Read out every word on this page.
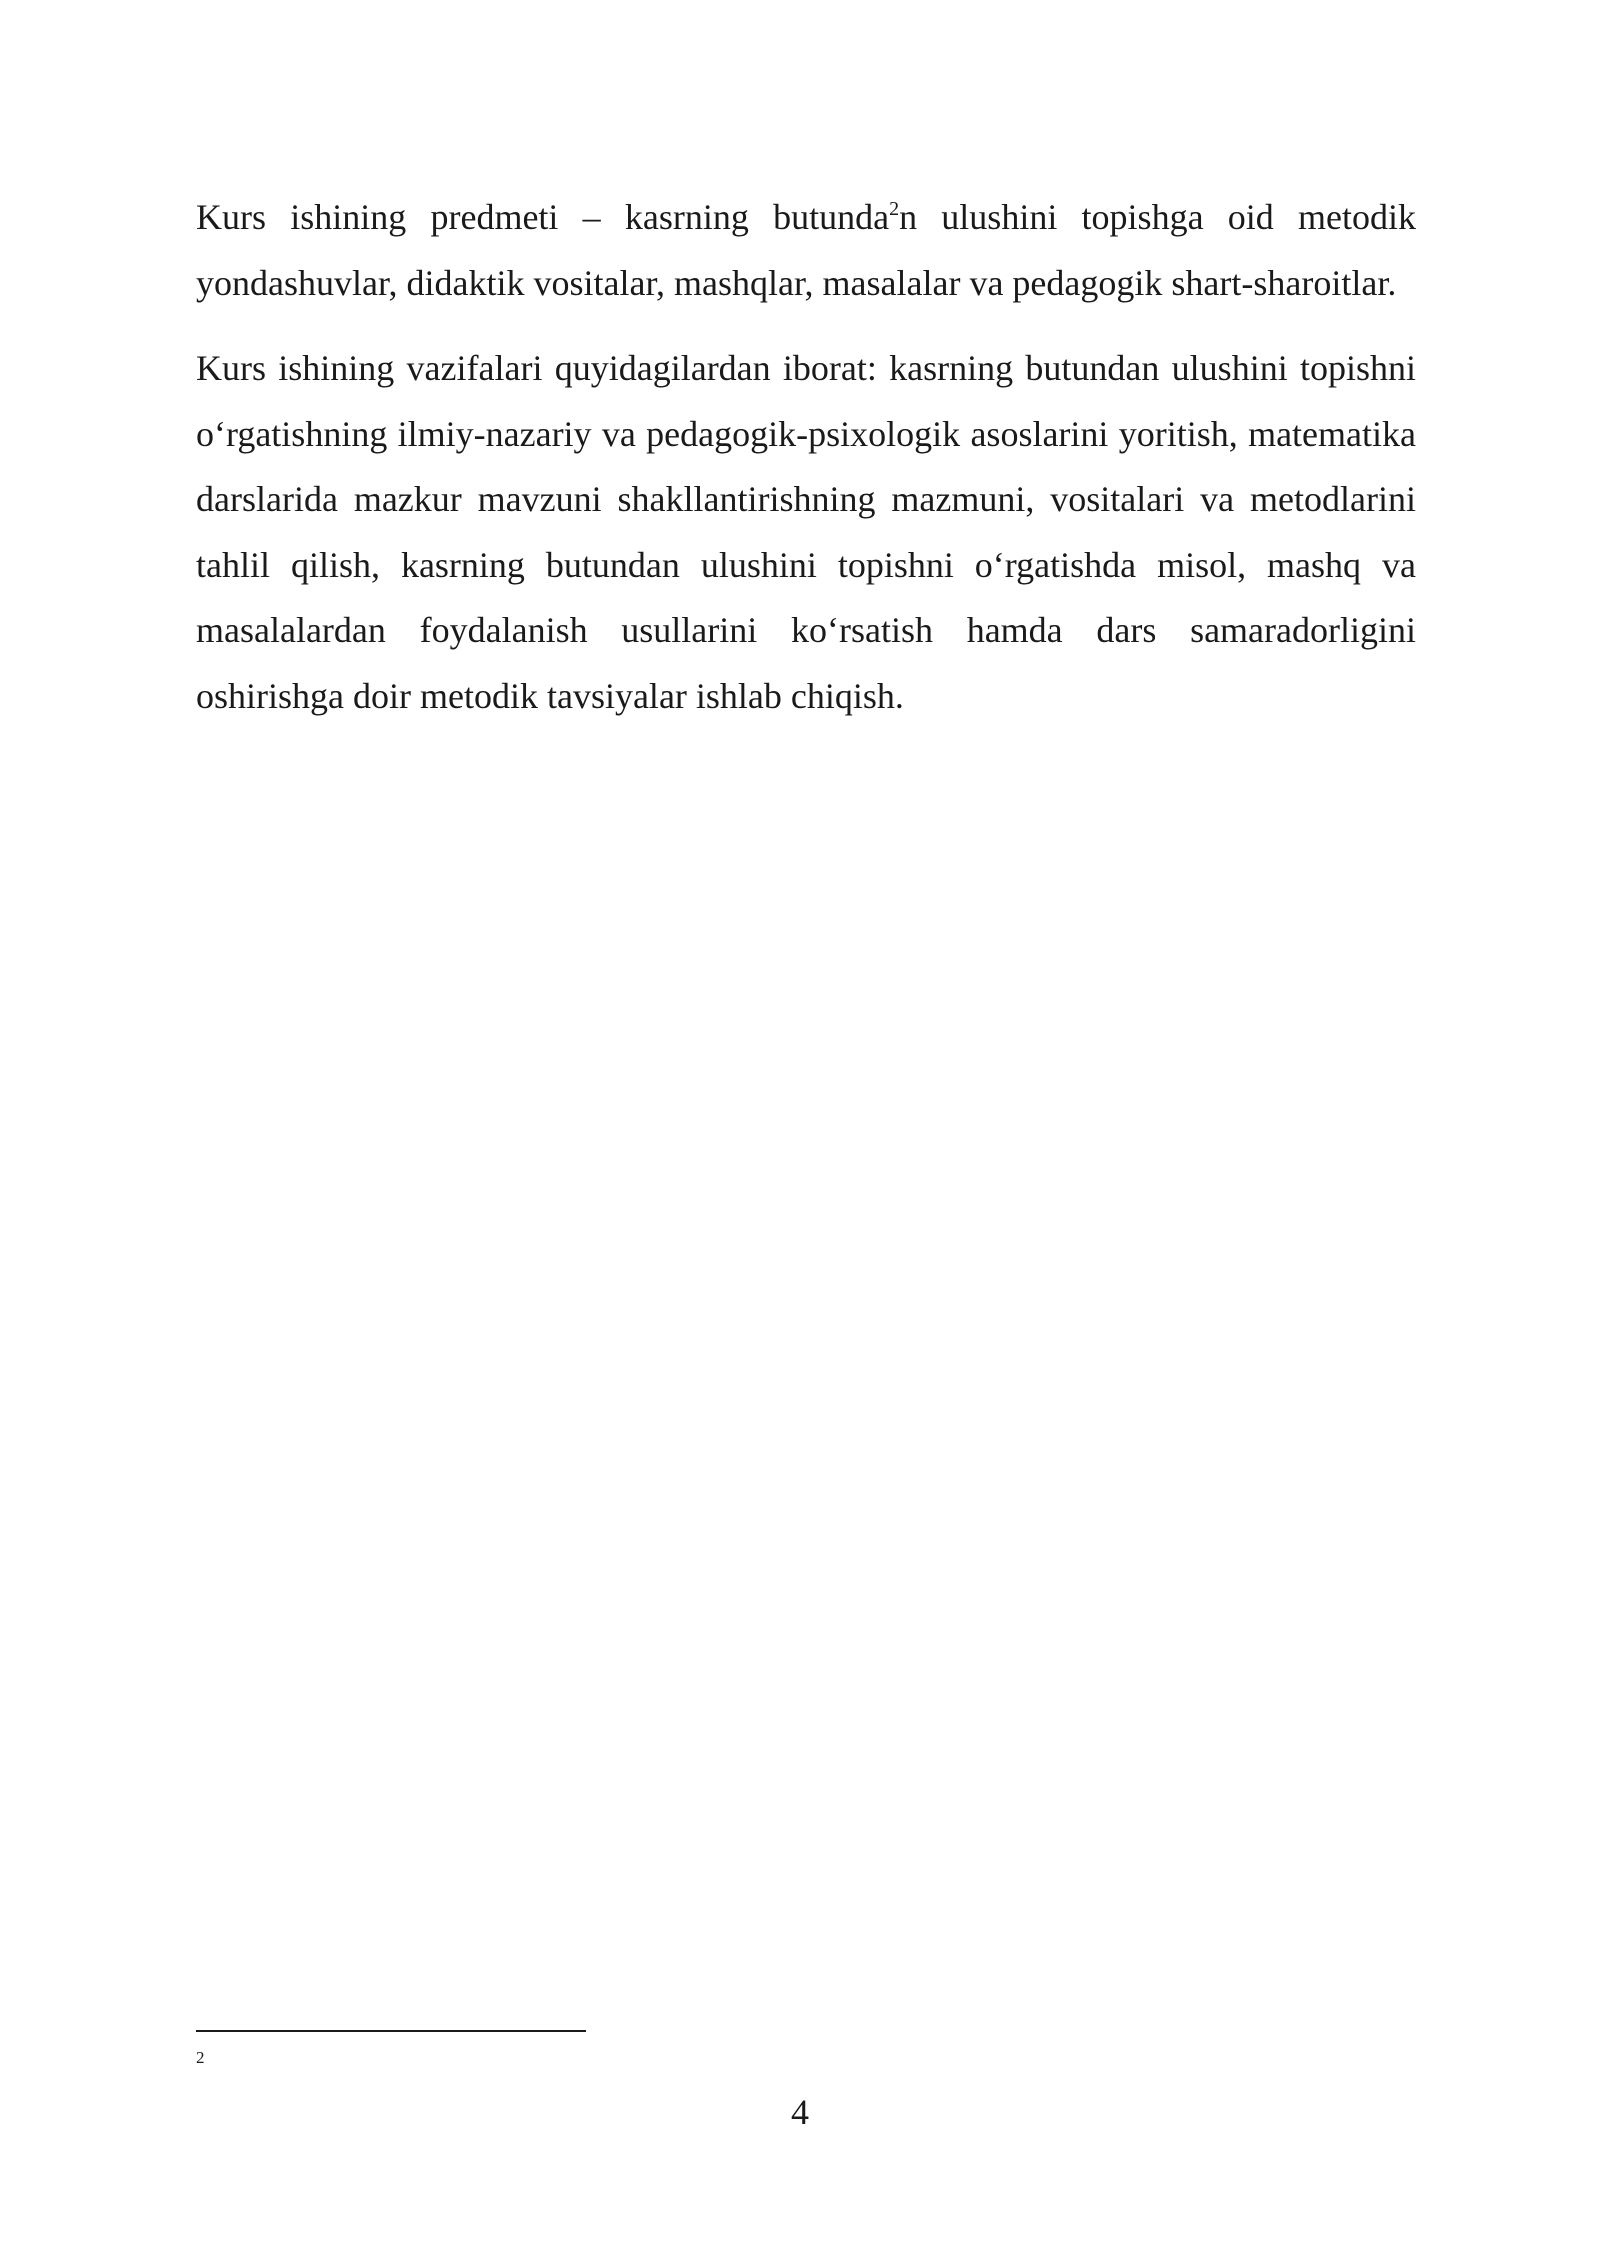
Kurs ishining predmeti – kasrning butunda$^2$n ulushini topishga oid metodik yondashuvlar, didaktik vositalar, mashqlar, masalalar va pedagogik shart-sharoitlar.

Kurs ishining vazifalari quyidagilardan iborat: kasrning butundan ulushini topishni o‘rgatishning ilmiy-nazariy va pedagogik-psixologik asoslarini yoritish, matematika darslarida mazkur mavzuni shakllantirishning mazmuni, vositalari va metodlarini tahlil qilish, kasrning butundan ulushini topishni o‘rgatishda misol, mashq va masalalardan foydalanish usullarini ko‘rsatish hamda dars samaradorligini oshirishga doir metodik tavsiyalar ishlab chiqish.

2

4
